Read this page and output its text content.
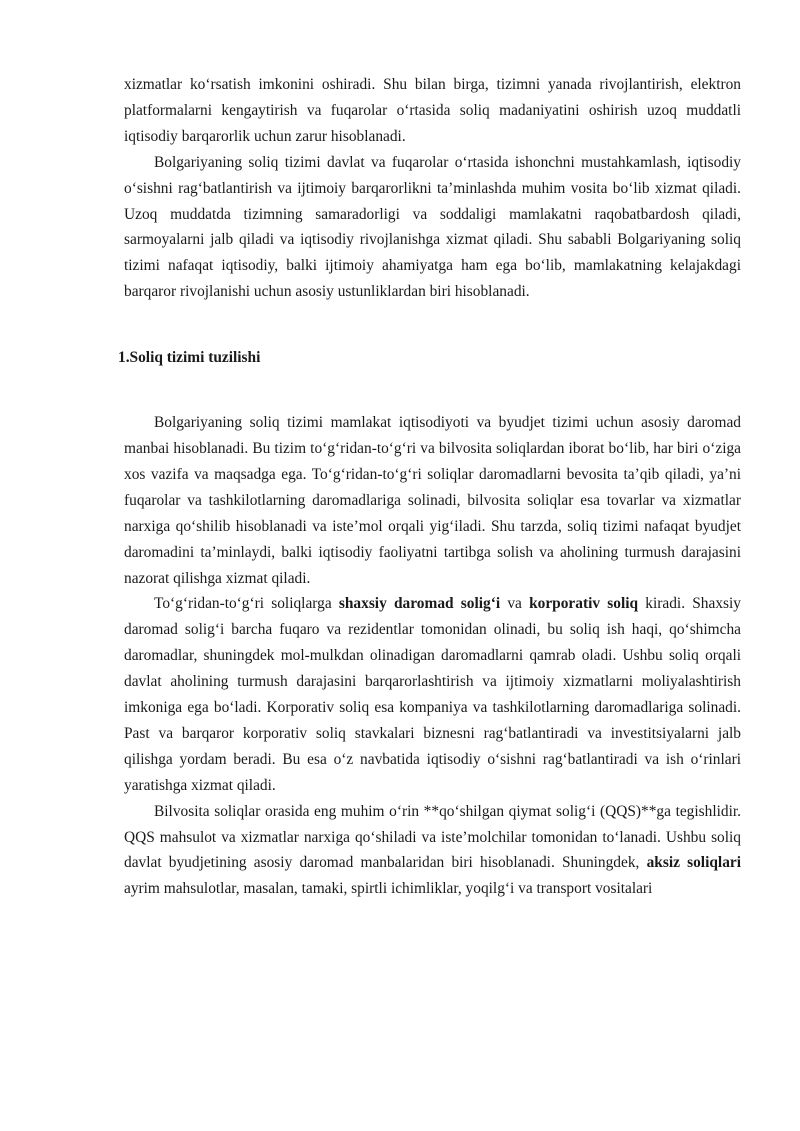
xizmatlar ko‘rsatish imkonini oshiradi. Shu bilan birga, tizimni yanada rivojlantirish, elektron platformalarni kengaytirish va fuqarolar o‘rtasida soliq madaniyatini oshirish uzoq muddatli iqtisodiy barqarorlik uchun zarur hisoblanadi.

Bolgariyaning soliq tizimi davlat va fuqarolar o‘rtasida ishonchni mustahkamlash, iqtisodiy o‘sishni rag‘batlantirish va ijtimoiy barqarorlikni ta’minlashda muhim vosita bo‘lib xizmat qiladi. Uzoq muddatda tizimning samaradorligi va soddaligi mamlakatni raqobatbardosh qiladi, sarmoyalarni jalb qiladi va iqtisodiy rivojlanishga xizmat qiladi. Shu sababli Bolgariyaning soliq tizimi nafaqat iqtisodiy, balki ijtimoiy ahamiyatga ham ega bo‘lib, mamlakatning kelajakdagi barqaror rivojlanishi uchun asosiy ustunliklardan biri hisoblanadi.

1.Soliq tizimi tuzilishi

Bolgariyaning soliq tizimi mamlakat iqtisodiyoti va byudjet tizimi uchun asosiy daromad manbai hisoblanadi. Bu tizim to‘g‘ridan-to‘g‘ri va bilvosita soliqlardan iborat bo‘lib, har biri o‘ziga xos vazifa va maqsadga ega. To‘g‘ridan-to‘g‘ri soliqlar daromadlarni bevosita ta’qib qiladi, ya’ni fuqarolar va tashkilotlarning daromadlariga solinadi, bilvosita soliqlar esa tovarlar va xizmatlar narxiga qo‘shilib hisoblanadi va iste’mol orqali yig‘iladi. Shu tarzda, soliq tizimi nafaqat byudjet daromadini ta’minlaydi, balki iqtisodiy faoliyatni tartibga solish va aholining turmush darajasini nazorat qilishga xizmat qiladi.

To‘g‘ridan-to‘g‘ri soliqlarga shaxsiy daromad solig‘i va korporativ soliq kiradi. Shaxsiy daromad solig‘i barcha fuqaro va rezidentlar tomonidan olinadi, bu soliq ish haqi, qo‘shimcha daromadlar, shuningdek mol-mulkdan olinadigan daromadlarni qamrab oladi. Ushbu soliq orqali davlat aholining turmush darajasini barqarorlashtirish va ijtimoiy xizmatlarni moliyalashtirish imkoniga ega bo‘ladi. Korporativ soliq esa kompaniya va tashkilotlarning daromadlariga solinadi. Past va barqaror korporativ soliq stavkalari biznesni rag‘batlantiradi va investitsiyalarni jalb qilishga yordam beradi. Bu esa o‘z navbatida iqtisodiy o‘sishni rag‘batlantiradi va ish o‘rinlari yaratishga xizmat qiladi.

Bilvosita soliqlar orasida eng muhim o‘rin **qo‘shilgan qiymat solig‘i (QQS)**ga tegishlidir. QQS mahsulot va xizmatlar narxiga qo‘shiladi va iste’molchilar tomonidan to‘lanadi. Ushbu soliq davlat byudjetining asosiy daromad manbalaridan biri hisoblanadi. Shuningdek, aksiz soliqlari ayrim mahsulotlar, masalan, tamaki, spirtli ichimliklar, yoqilg‘i va transport vositalari
